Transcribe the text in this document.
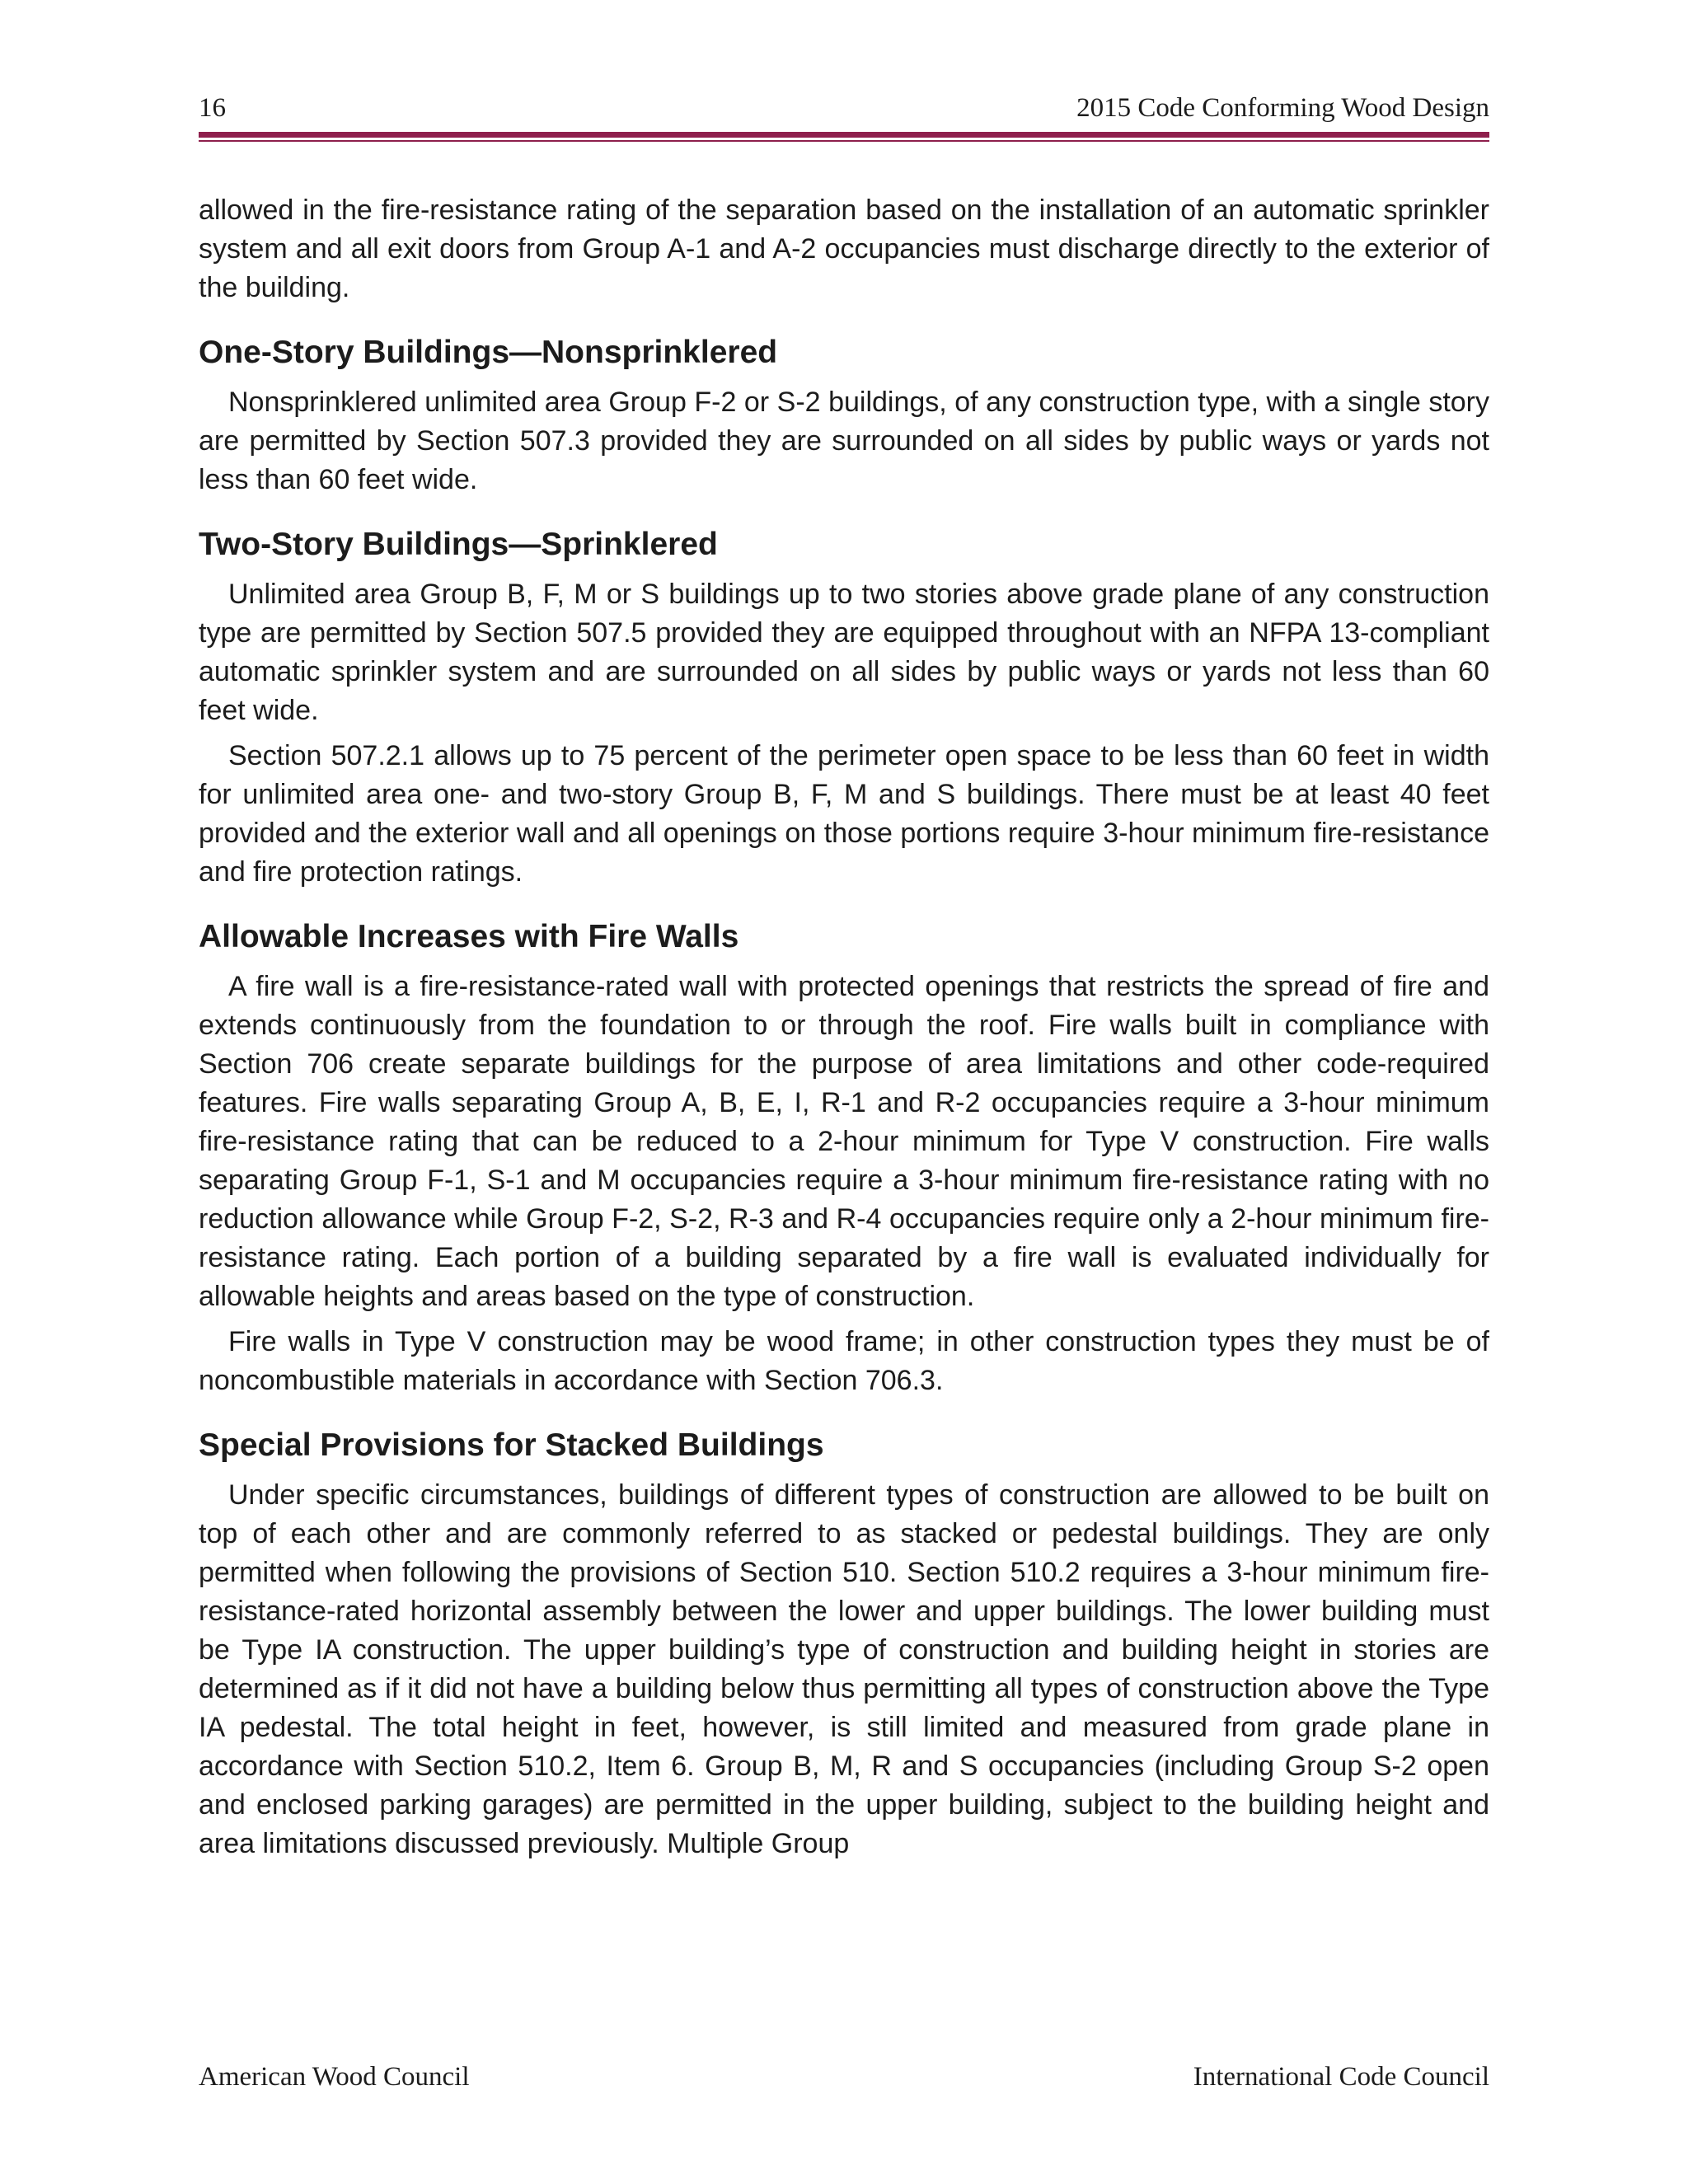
16	2015 Code Conforming Wood Design

allowed in the fire-resistance rating of the separation based on the installation of an automatic sprinkler system and all exit doors from Group A-1 and A-2 occupancies must discharge directly to the exterior of the building.

One-Story Buildings—Nonsprinklered

Nonsprinklered unlimited area Group F-2 or S-2 buildings, of any construction type, with a single story are permitted by Section 507.3 provided they are surrounded on all sides by public ways or yards not less than 60 feet wide.

Two-Story Buildings—Sprinklered

Unlimited area Group B, F, M or S buildings up to two stories above grade plane of any construction type are permitted by Section 507.5 provided they are equipped throughout with an NFPA 13-compliant automatic sprinkler system and are surrounded on all sides by public ways or yards not less than 60 feet wide.

Section 507.2.1 allows up to 75 percent of the perimeter open space to be less than 60 feet in width for unlimited area one- and two-story Group B, F, M and S buildings. There must be at least 40 feet provided and the exterior wall and all openings on those portions require 3-hour minimum fire-resistance and fire protection ratings.

Allowable Increases with Fire Walls

A fire wall is a fire-resistance-rated wall with protected openings that restricts the spread of fire and extends continuously from the foundation to or through the roof. Fire walls built in compliance with Section 706 create separate buildings for the purpose of area limitations and other code-required features. Fire walls separating Group A, B, E, I, R-1 and R-2 occupancies require a 3-hour minimum fire-resistance rating that can be reduced to a 2-hour minimum for Type V construction. Fire walls separating Group F-1, S-1 and M occupancies require a 3-hour minimum fire-resistance rating with no reduction allowance while Group F-2, S-2, R-3 and R-4 occupancies require only a 2-hour minimum fire-resistance rating. Each portion of a building separated by a fire wall is evaluated individually for allowable heights and areas based on the type of construction.

Fire walls in Type V construction may be wood frame; in other construction types they must be of noncombustible materials in accordance with Section 706.3.

Special Provisions for Stacked Buildings

Under specific circumstances, buildings of different types of construction are allowed to be built on top of each other and are commonly referred to as stacked or pedestal buildings. They are only permitted when following the provisions of Section 510. Section 510.2 requires a 3-hour minimum fire-resistance-rated horizontal assembly between the lower and upper buildings. The lower building must be Type IA construction. The upper building’s type of construction and building height in stories are determined as if it did not have a building below thus permitting all types of construction above the Type IA pedestal. The total height in feet, however, is still limited and measured from grade plane in accordance with Section 510.2, Item 6. Group B, M, R and S occupancies (including Group S-2 open and enclosed parking garages) are permitted in the upper building, subject to the building height and area limitations discussed previously. Multiple Group

American Wood Council	International Code Council
